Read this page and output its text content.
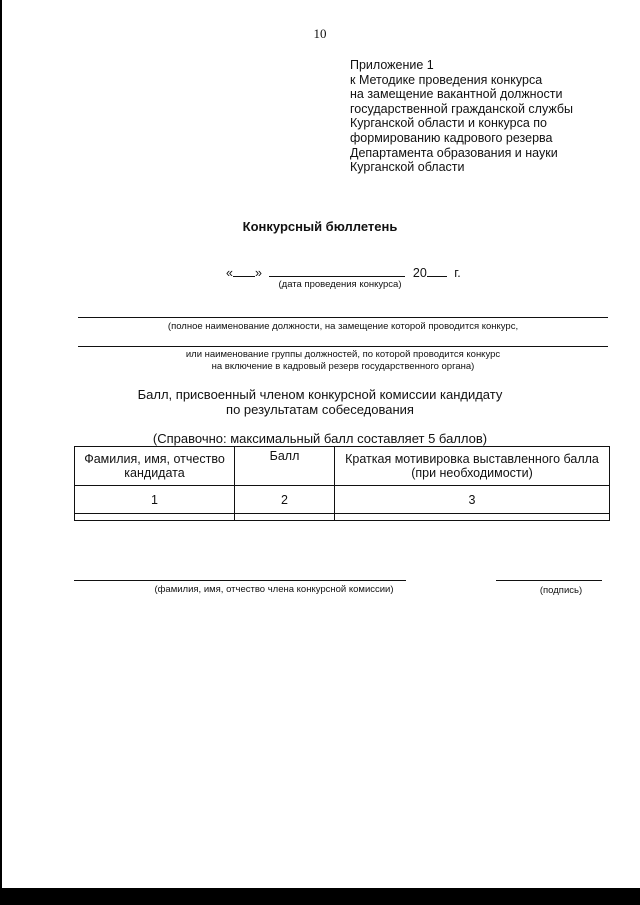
10
Приложение 1
к Методике проведения конкурса
на замещение вакантной должности
государственной гражданской службы
Курганской области и конкурса по
формированию кадрового резерва
Департамента образования и науки
Курганской области
Конкурсный бюллетень
« »	20 г.
(дата проведения конкурса)
(полное наименование должности, на замещение которой проводится конкурс,
или наименование группы должностей, по которой проводится конкурс
на включение в кадровый резерв государственного органа)
Балл, присвоенный членом конкурсной комиссии кандидату
по результатам собеседования
(Справочно: максимальный балл составляет 5 баллов)
Фамилия, имя, отчество кандидата	Балл	Краткая мотивировка выставленного балла (при необходимости)
1	2	3

(фамилия, имя, отчество члена конкурсной комиссии)	(подпись)
